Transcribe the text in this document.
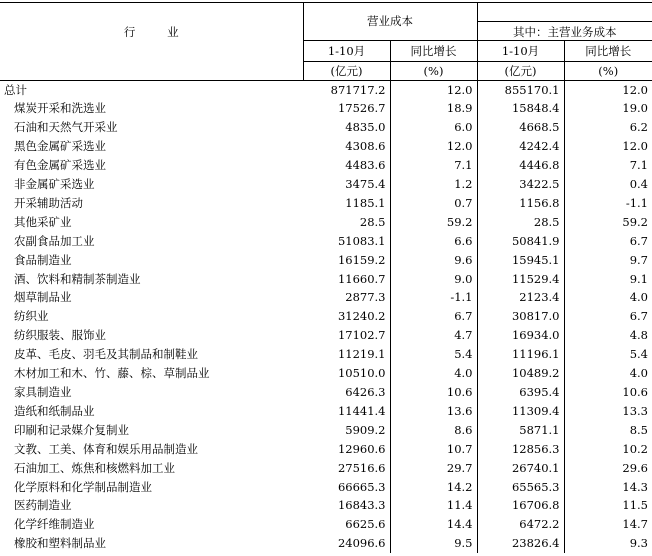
行 业	营业成本		其中：主营业务成本	

	1-10月	同比增长	1-10月	同比增长
	(亿元)	(%)	(亿元)	(%)
总计	871717.2	12.0	855170.1	12.0
煤炭开采和洗选业	17526.7	18.9	15848.4	19.0
石油和天然气开采业	4835.0	6.0	4668.5	6.2
黑色金属矿采选业	4308.6	12.0	4242.4	12.0
有色金属矿采选业	4483.6	7.1	4446.8	7.1
非金属矿采选业	3475.4	1.2	3422.5	0.4
开采辅助活动	1185.1	0.7	1156.8	-1.1
其他采矿业	28.5	59.2	28.5	59.2
农副食品加工业	51083.1	6.6	50841.9	6.7
食品制造业	16159.2	9.6	15945.1	9.7
酒、饮料和精制茶制造业	11660.7	9.0	11529.4	9.1
烟草制品业	2877.3	-1.1	2123.4	4.0
纺织业	31240.2	6.7	30817.0	6.7
纺织服装、服饰业	17102.7	4.7	16934.0	4.8
皮革、毛皮、羽毛及其制品和制鞋业	11219.1	5.4	11196.1	5.4
木材加工和木、竹、藤、棕、草制品业	10510.0	4.0	10489.2	4.0
家具制造业	6426.3	10.6	6395.4	10.6
造纸和纸制品业	11441.4	13.6	11309.4	13.3
印刷和记录媒介复制业	5909.2	8.6	5871.1	8.5
文教、工美、体育和娱乐用品制造业	12960.6	10.7	12856.3	10.2
石油加工、炼焦和核燃料加工业	27516.6	29.7	26740.1	29.6
化学原料和化学制品制造业	66665.3	14.2	65565.3	14.3
医药制造业	16843.3	11.4	16706.8	11.5
化学纤维制造业	6625.6	14.4	6472.2	14.7
橡胶和塑料制品业	24096.6	9.5	23826.4	9.3
